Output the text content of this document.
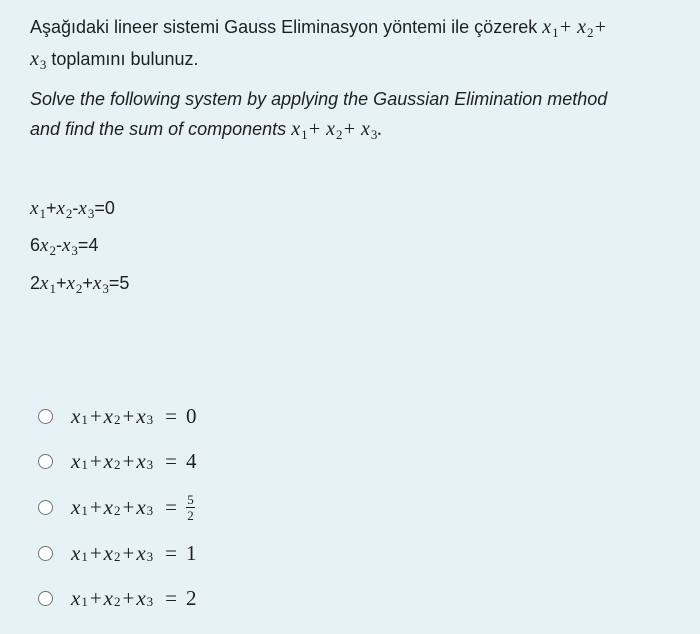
Aşağıdaki lineer sistemi Gauss Eliminasyon yöntemi ile çözerek $x_1+ x_2+$
$x_3$ toplamını bulunuz.
Solve the following system by applying the Gaussian Elimination method
and find the sum of components $x_1+ x_2+ x_3$.
$x_1+x_2-x_3=0$
$6x_2-x_3=4$
$2x_1+x_2+x_3=5$
x 1 + x 2 + x 3 = 0
x 1 + x 2 + x 3 = 4
x 1 + x 2 + x $3 = \frac{5}{2}$
x 1 + x 2 + x 3 = 1
x 1 + x 2 + x 3 = 2
